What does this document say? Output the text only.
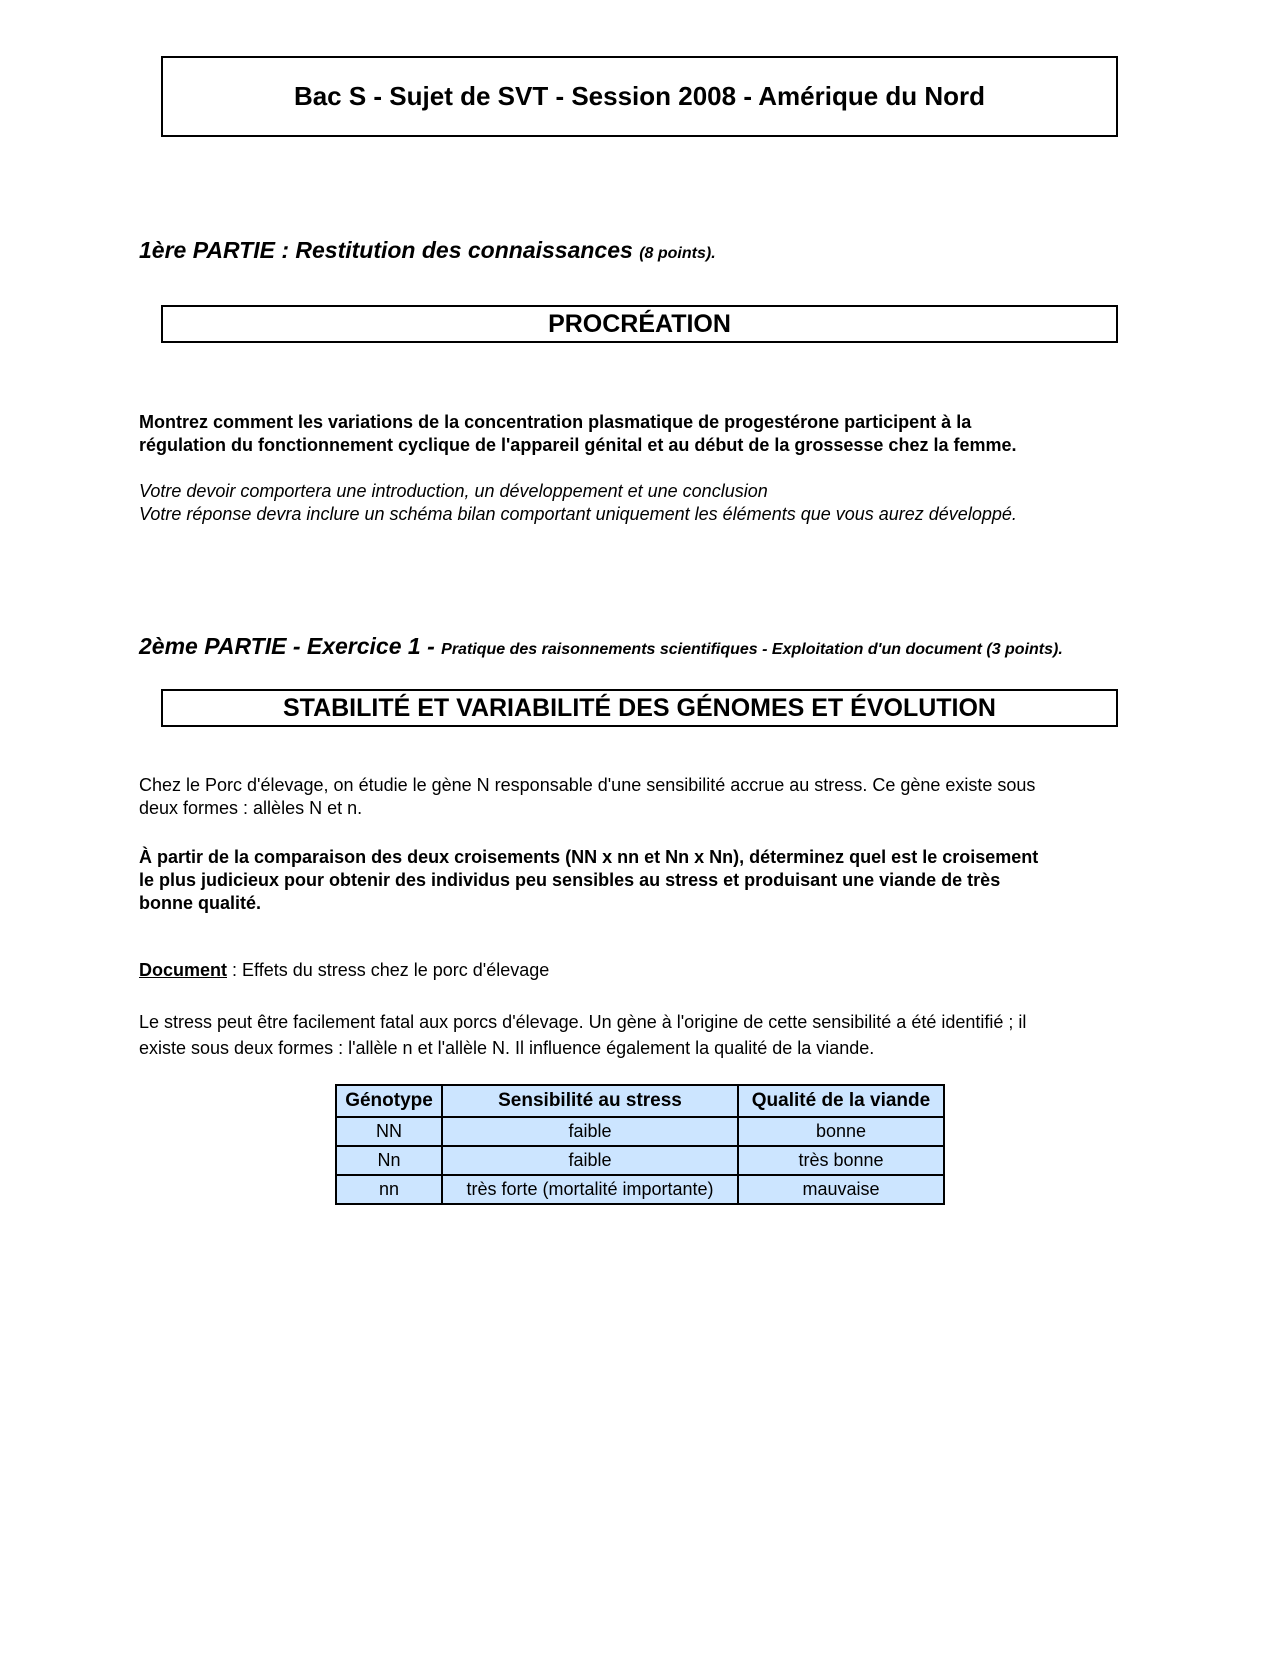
Bac S - Sujet de SVT - Session 2008 - Amérique du Nord
1ère PARTIE : Restitution des connaissances (8 points).
PROCRÉATION
Montrez comment les variations de la concentration plasmatique de progestérone participent à la
régulation du fonctionnement cyclique de l'appareil génital et au début de la grossesse chez la femme.
Votre devoir comportera une introduction, un développement et une conclusion
Votre réponse devra inclure un schéma bilan comportant uniquement les éléments que vous aurez développé.
2ème PARTIE - Exercice 1 - Pratique des raisonnements scientifiques - Exploitation d'un document (3 points).
STABILITÉ ET VARIABILITÉ DES GÉNOMES ET ÉVOLUTION
Chez le Porc d'élevage, on étudie le gène N responsable d'une sensibilité accrue au stress. Ce gène existe sous
deux formes : allèles N et n.
À partir de la comparaison des deux croisements (NN x nn et Nn x Nn), déterminez quel est le croisement
le plus judicieux pour obtenir des individus peu sensibles au stress et produisant une viande de très
bonne qualité.
Document : Effets du stress chez le porc d'élevage
Le stress peut être facilement fatal aux porcs d'élevage. Un gène à l'origine de cette sensibilité a été identifié ; il
existe sous deux formes : l'allèle n et l'allèle N. Il influence également la qualité de la viande.
Génotype	Sensibilité au stress	Qualité de la viande
NN	faible	bonne
Nn	faible	très bonne
nn	très forte (mortalité importante)	mauvaise
